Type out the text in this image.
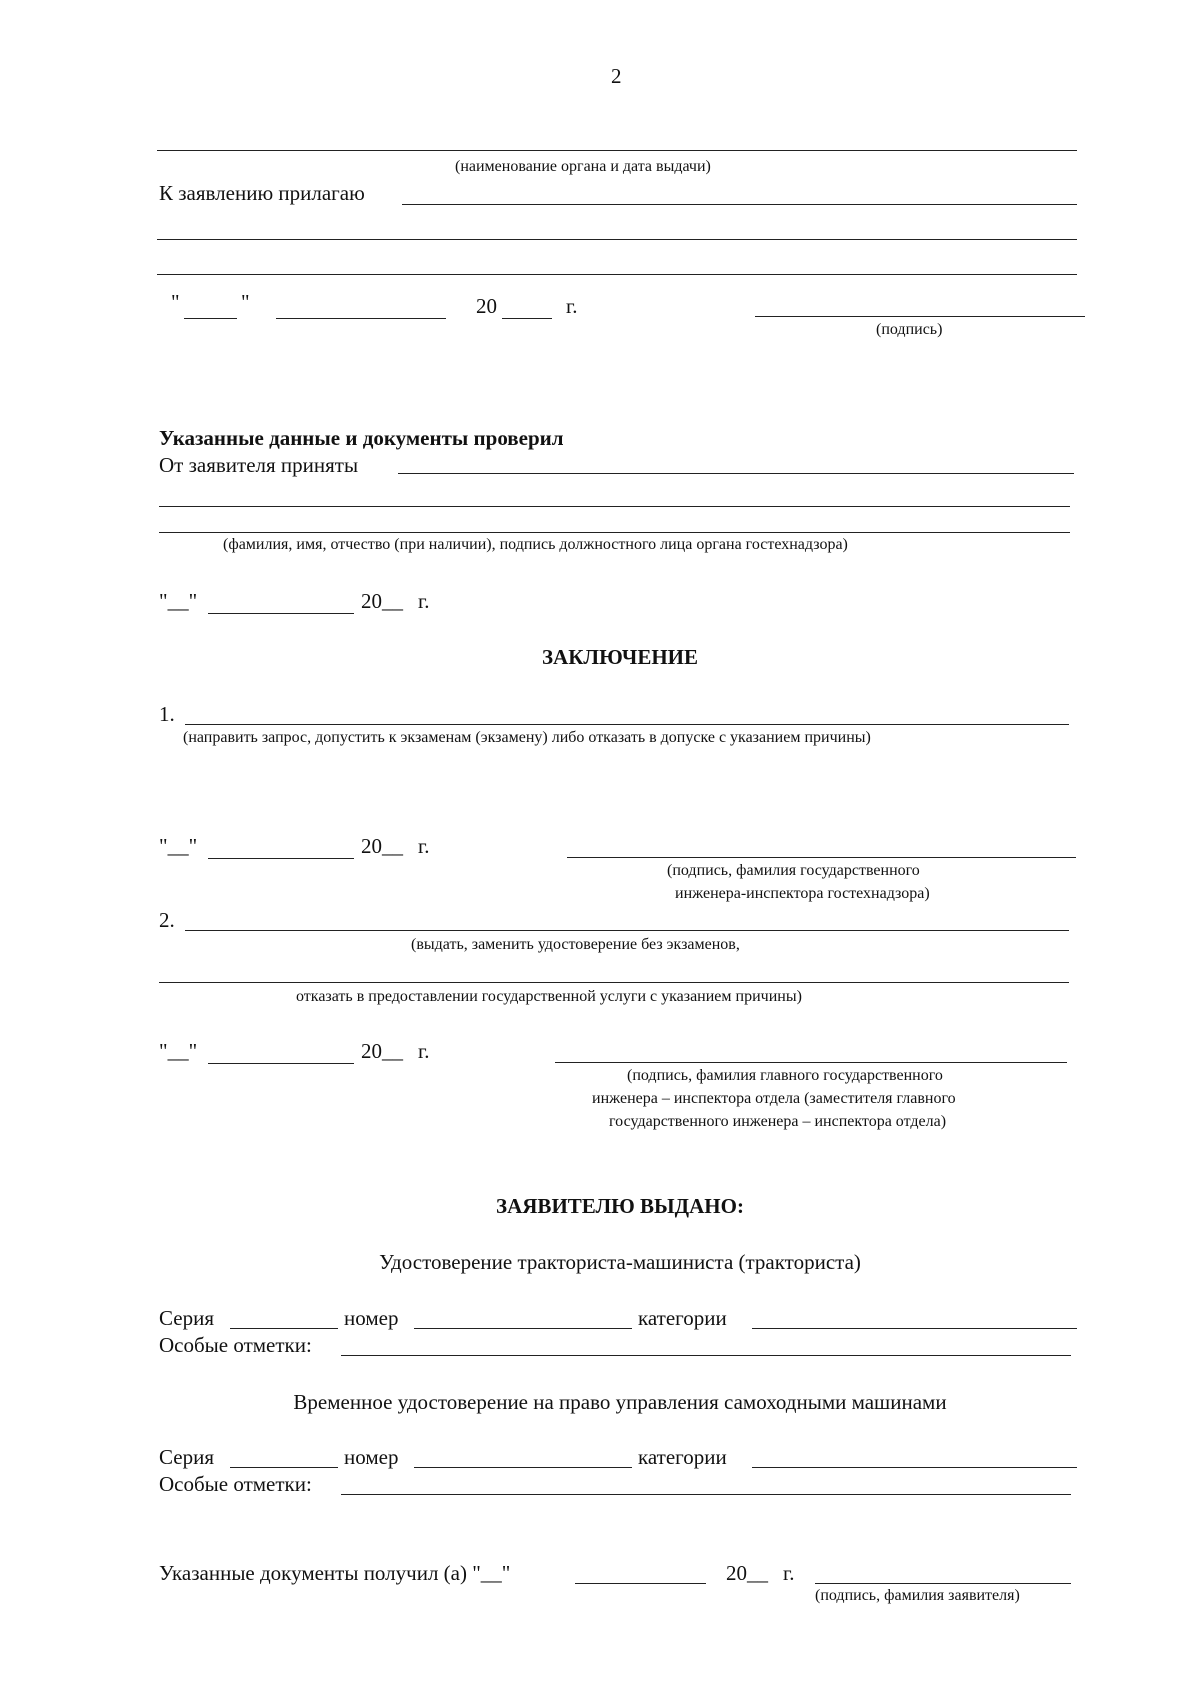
2
(наименование органа и дата выдачи)
К заявлению прилагаю
"	"	20	г.
(подпись)
Указанные данные и документы проверил
От заявителя приняты
(фамилия, имя, отчество (при наличии), подпись должностного лица органа гостехнадзора)
"__"	20__ г.
ЗАКЛЮЧЕНИЕ
1.
(направить запрос, допустить к экзаменам (экзамену) либо отказать в допуске с указанием причины)
"__"	20__ г.
(подпись, фамилия государственного
инженера-инспектора гостехнадзора)
2.
(выдать, заменить удостоверение без экзаменов,
отказать в предоставлении государственной услуги с указанием причины)
"__"	20__ г.
(подпись, фамилия главного государственного
инженера – инспектора отдела (заместителя главного
государственного инженера – инспектора отдела)
ЗАЯВИТЕЛЮ ВЫДАНО:
Удостоверение тракториста-машиниста (тракториста)
Серия	номер	категории
Особые отметки:
Временное удостоверение на право управления самоходными машинами
Серия	номер	категории
Особые отметки:
Указанные документы получил (а) "__"	20__ г.
(подпись, фамилия заявителя)
